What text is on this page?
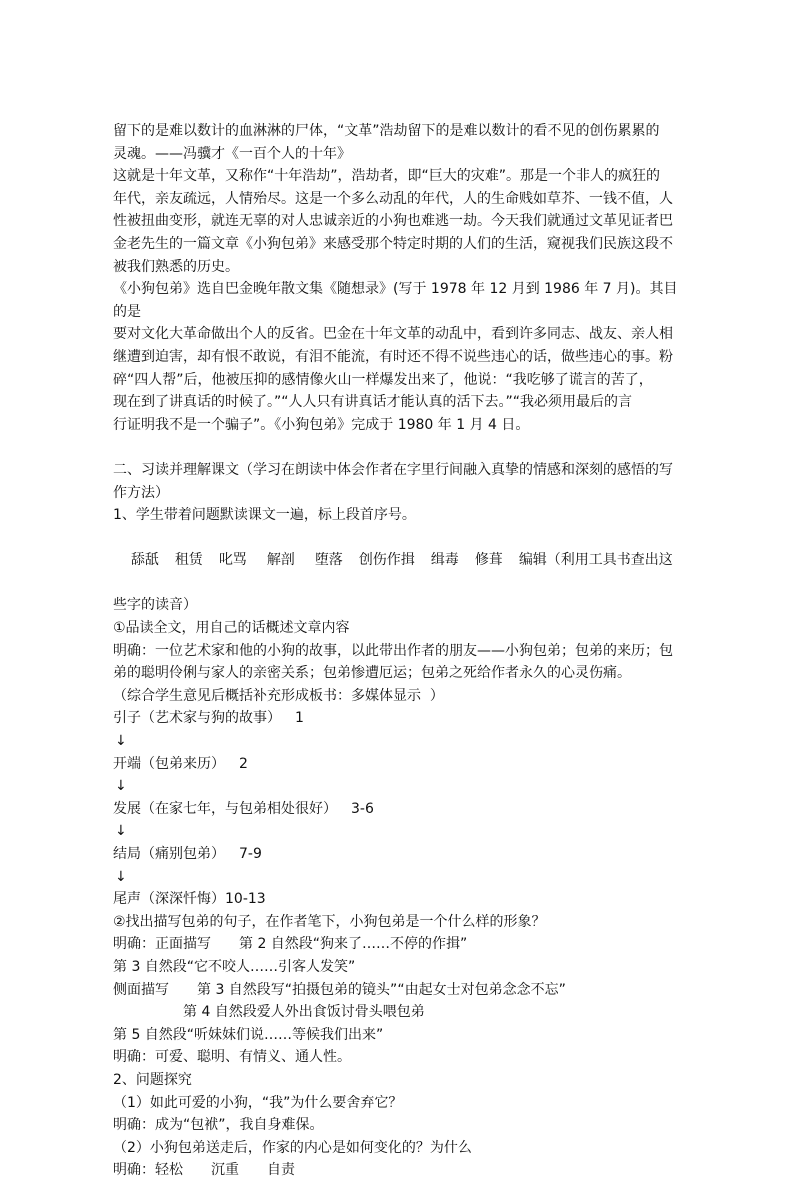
留下的是难以数计的血淋淋的尸体，“文革”浩劫留下的是难以数计的看不见的创伤累累的

灵魂。——冯骥才《一百个人的十年》

这就是十年文革，又称作“十年浩劫”，浩劫者，即“巨大的灾难”。那是一个非人的疯狂的

年代，亲友疏远，人情殆尽。这是一个多么动乱的年代，人的生命贱如草芥、一钱不值，人

性被扭曲变形，就连无辜的对人忠诚亲近的小狗也难逃一劫。今天我们就通过文革见证者巴

金老先生的一篇文章《小狗包弟》来感受那个特定时期的人们的生活，窥视我们民族这段不

被我们熟悉的历史。

《小狗包弟》选自巴金晚年散文集《随想录》(写于 1978 年 12 月到 1986 年 7 月)。其目的是

要对文化大革命做出个人的反省。巴金在十年文革的动乱中，看到许多同志、战友、亲人相

继遭到迫害，却有恨不敢说，有泪不能流，有时还不得不说些违心的话，做些违心的事。粉

碎“四人帮”后，他被压抑的感情像火山一样爆发出来了，他说：“我吃够了谎言的苦了，

现在到了讲真话的时候了。”“人人只有讲真话才能认真的活下去。”“我必须用最后的言

行证明我不是一个骗子”。《小狗包弟》完成于 1980 年 1 月 4 日。

二、习读并理解课文（学习在朗读中体会作者在字里行间融入真挚的情感和深刻的感悟的写

作方法）

1、学生带着问题默读课文一遍，标上段首序号。

舔舐 租赁 叱骂 解剖 堕落 创伤作揖 缉毒 修葺 编辑（利用工具书查出这

些字的读音）

①品读全文，用自己的话概述文章内容

明确：一位艺术家和他的小狗的故事，以此带出作者的朋友——小狗包弟；包弟的来历；包

弟的聪明伶俐与家人的亲密关系；包弟惨遭厄运；包弟之死给作者永久的心灵伤痛。

（综合学生意见后概括补充形成板书：多媒体显示  ）

引子（艺术家与狗的故事） 1

↓

开端（包弟来历） 2

↓

发展（在家七年，与包弟相处很好） 3-6

↓

结局（痛别包弟） 7-9

↓

尾声（深深忏悔）10-13

②找出描写包弟的句子，在作者笔下，小狗包弟是一个什么样的形象？

明确：正面描写 第 2 自然段“狗来了……不停的作揖”

第 3 自然段“它不咬人……引客人发笑”

侧面描写 第 3 自然段写“拍摄包弟的镜头”“由起女士对包弟念念不忘”

第 4 自然段爱人外出食饭讨骨头喂包弟

第 5 自然段“听妹妹们说……等候我们出来”

明确：可爱、聪明、有情义、通人性。

2、问题探究

（1）如此可爱的小狗，“我”为什么要舍弃它？

明确：成为“包袱”，我自身难保。

（2）小狗包弟送走后，作家的内心是如何变化的？为什么

明确：轻松 沉重 自责
